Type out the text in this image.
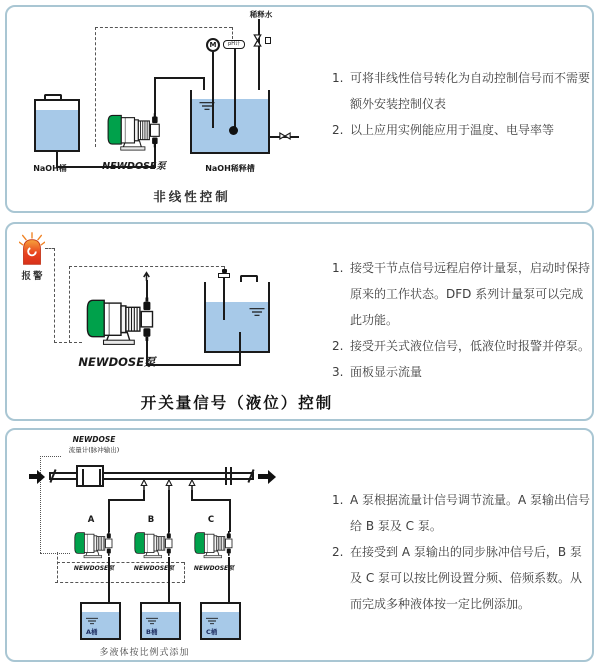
稀释水
M	pH计
NaOH桶	NEWDOSE泵	NaOH稀释槽
非线性控制
1. 可将非线性信号转化为自动控制信号而不需要额外安装控制仪表
2. 以上应用实例能应用于温度、电导率等
报警
NEWDOSE泵
开关量信号（液位）控制
1. 接受干节点信号远程启停计量泵，启动时保持原来的工作状态。DFD 系列计量泵可以完成此功能。
2. 接受开关式液位信号，低液位时报警并停泵。
3. 面板显示流量
NEWDOSE
流量计(脉冲输出)
A	B	C
NEWDOSE泵	NEWDOSE泵	NEWDOSE泵
A桶	B桶	C桶
多液体按比例式添加
1. A 泵根据流量计信号调节流量。A 泵输出信号给 B 泵及 C 泵。
2. 在接受到 A 泵输出的同步脉冲信号后，B 泵及 C 泵可以按比例设置分频、倍频系数。从而完成多种液体按一定比例添加。
